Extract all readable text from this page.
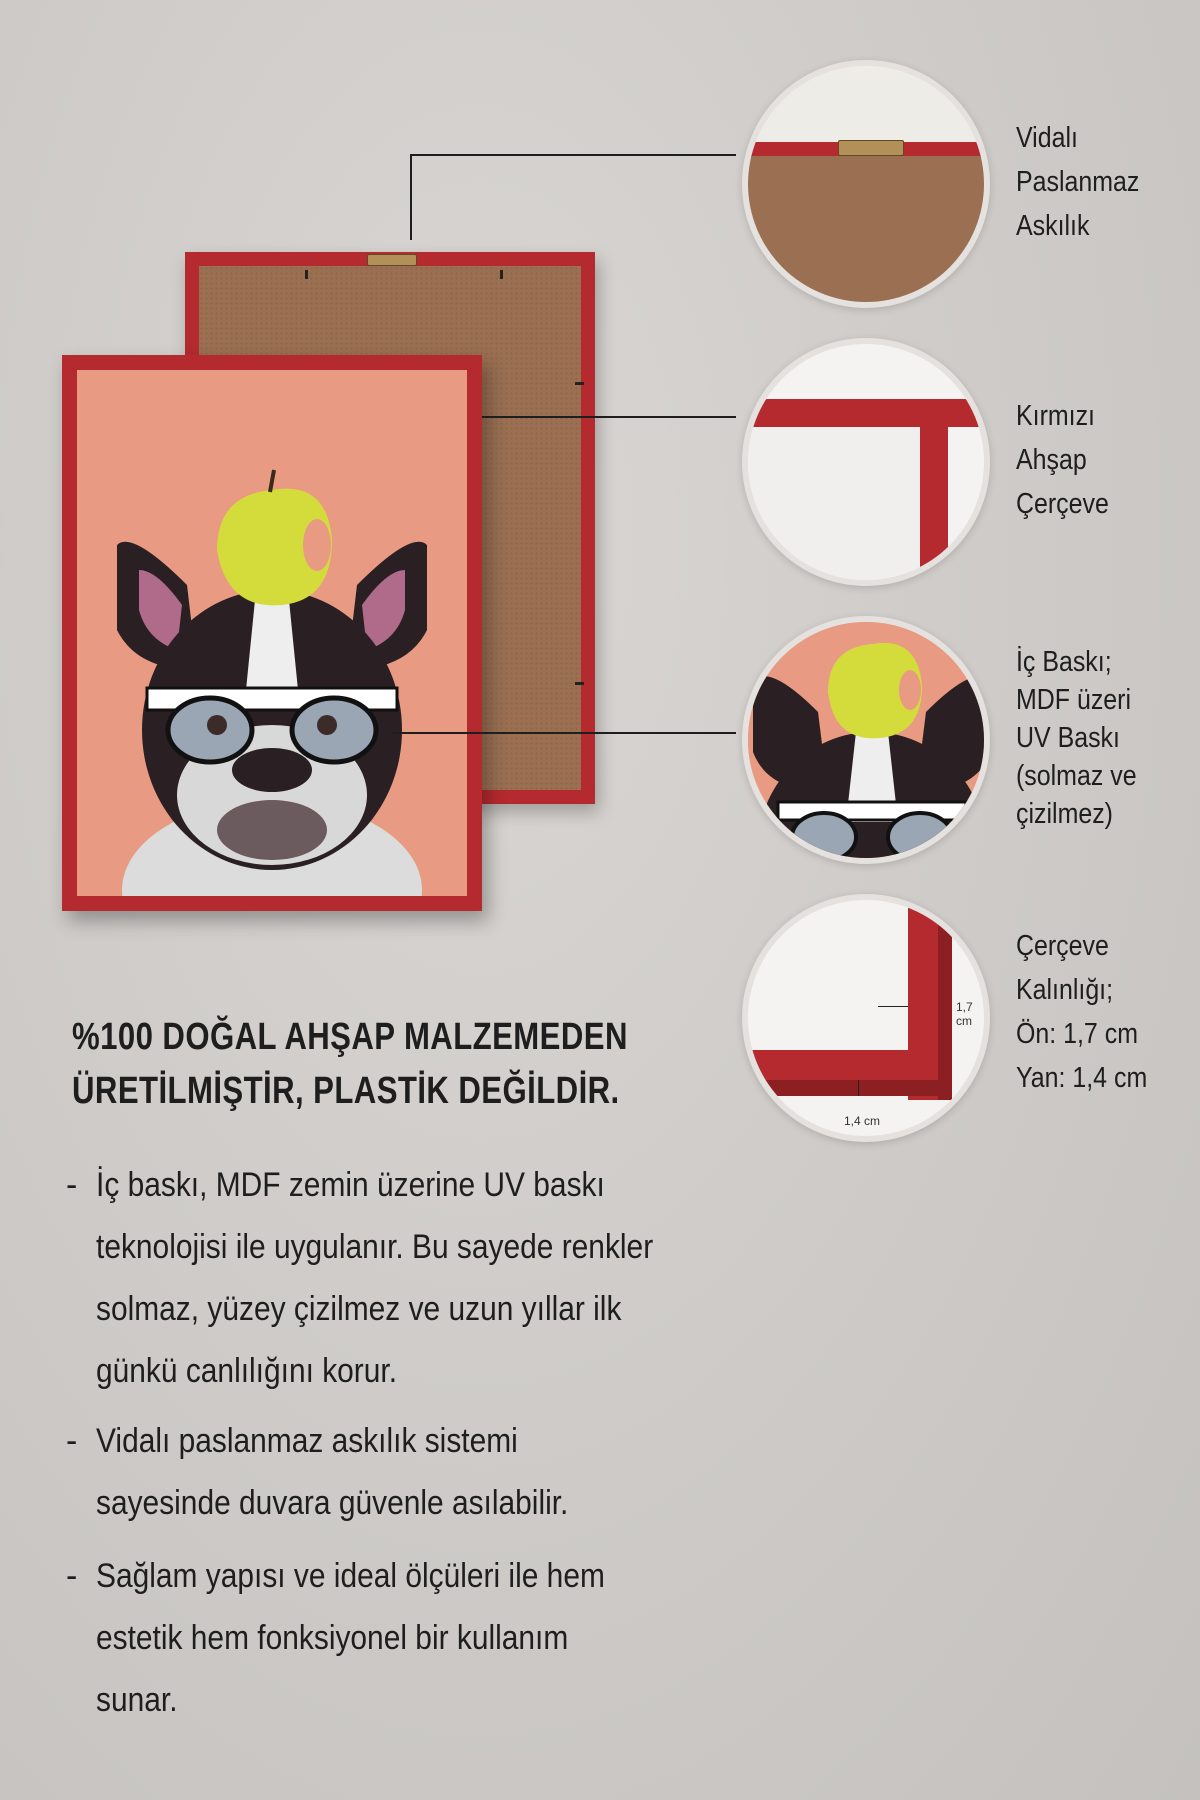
1,7 cm
1,4 cm
Vidalı
Paslanmaz
Askılık
Kırmızı
Ahşap
Çerçeve
İç Baskı;
MDF üzeri
UV Baskı
(solmaz ve
çizilmez)
Çerçeve
Kalınlığı;
Ön: 1,7 cm
Yan: 1,4 cm
%100 DOĞAL AHŞAP MALZEMEDEN
ÜRETİLMİŞTİR, PLASTİK DEĞİLDİR.
- İç baskı, MDF zemin üzerine UV baskı
teknolojisi ile uygulanır. Bu sayede renkler
solmaz, yüzey çizilmez ve uzun yıllar ilk
günkü canlılığını korur.
- Vidalı paslanmaz askılık sistemi
sayesinde duvara güvenle asılabilir.
- Sağlam yapısı ve ideal ölçüleri ile hem
estetik hem fonksiyonel bir kullanım
sunar.
